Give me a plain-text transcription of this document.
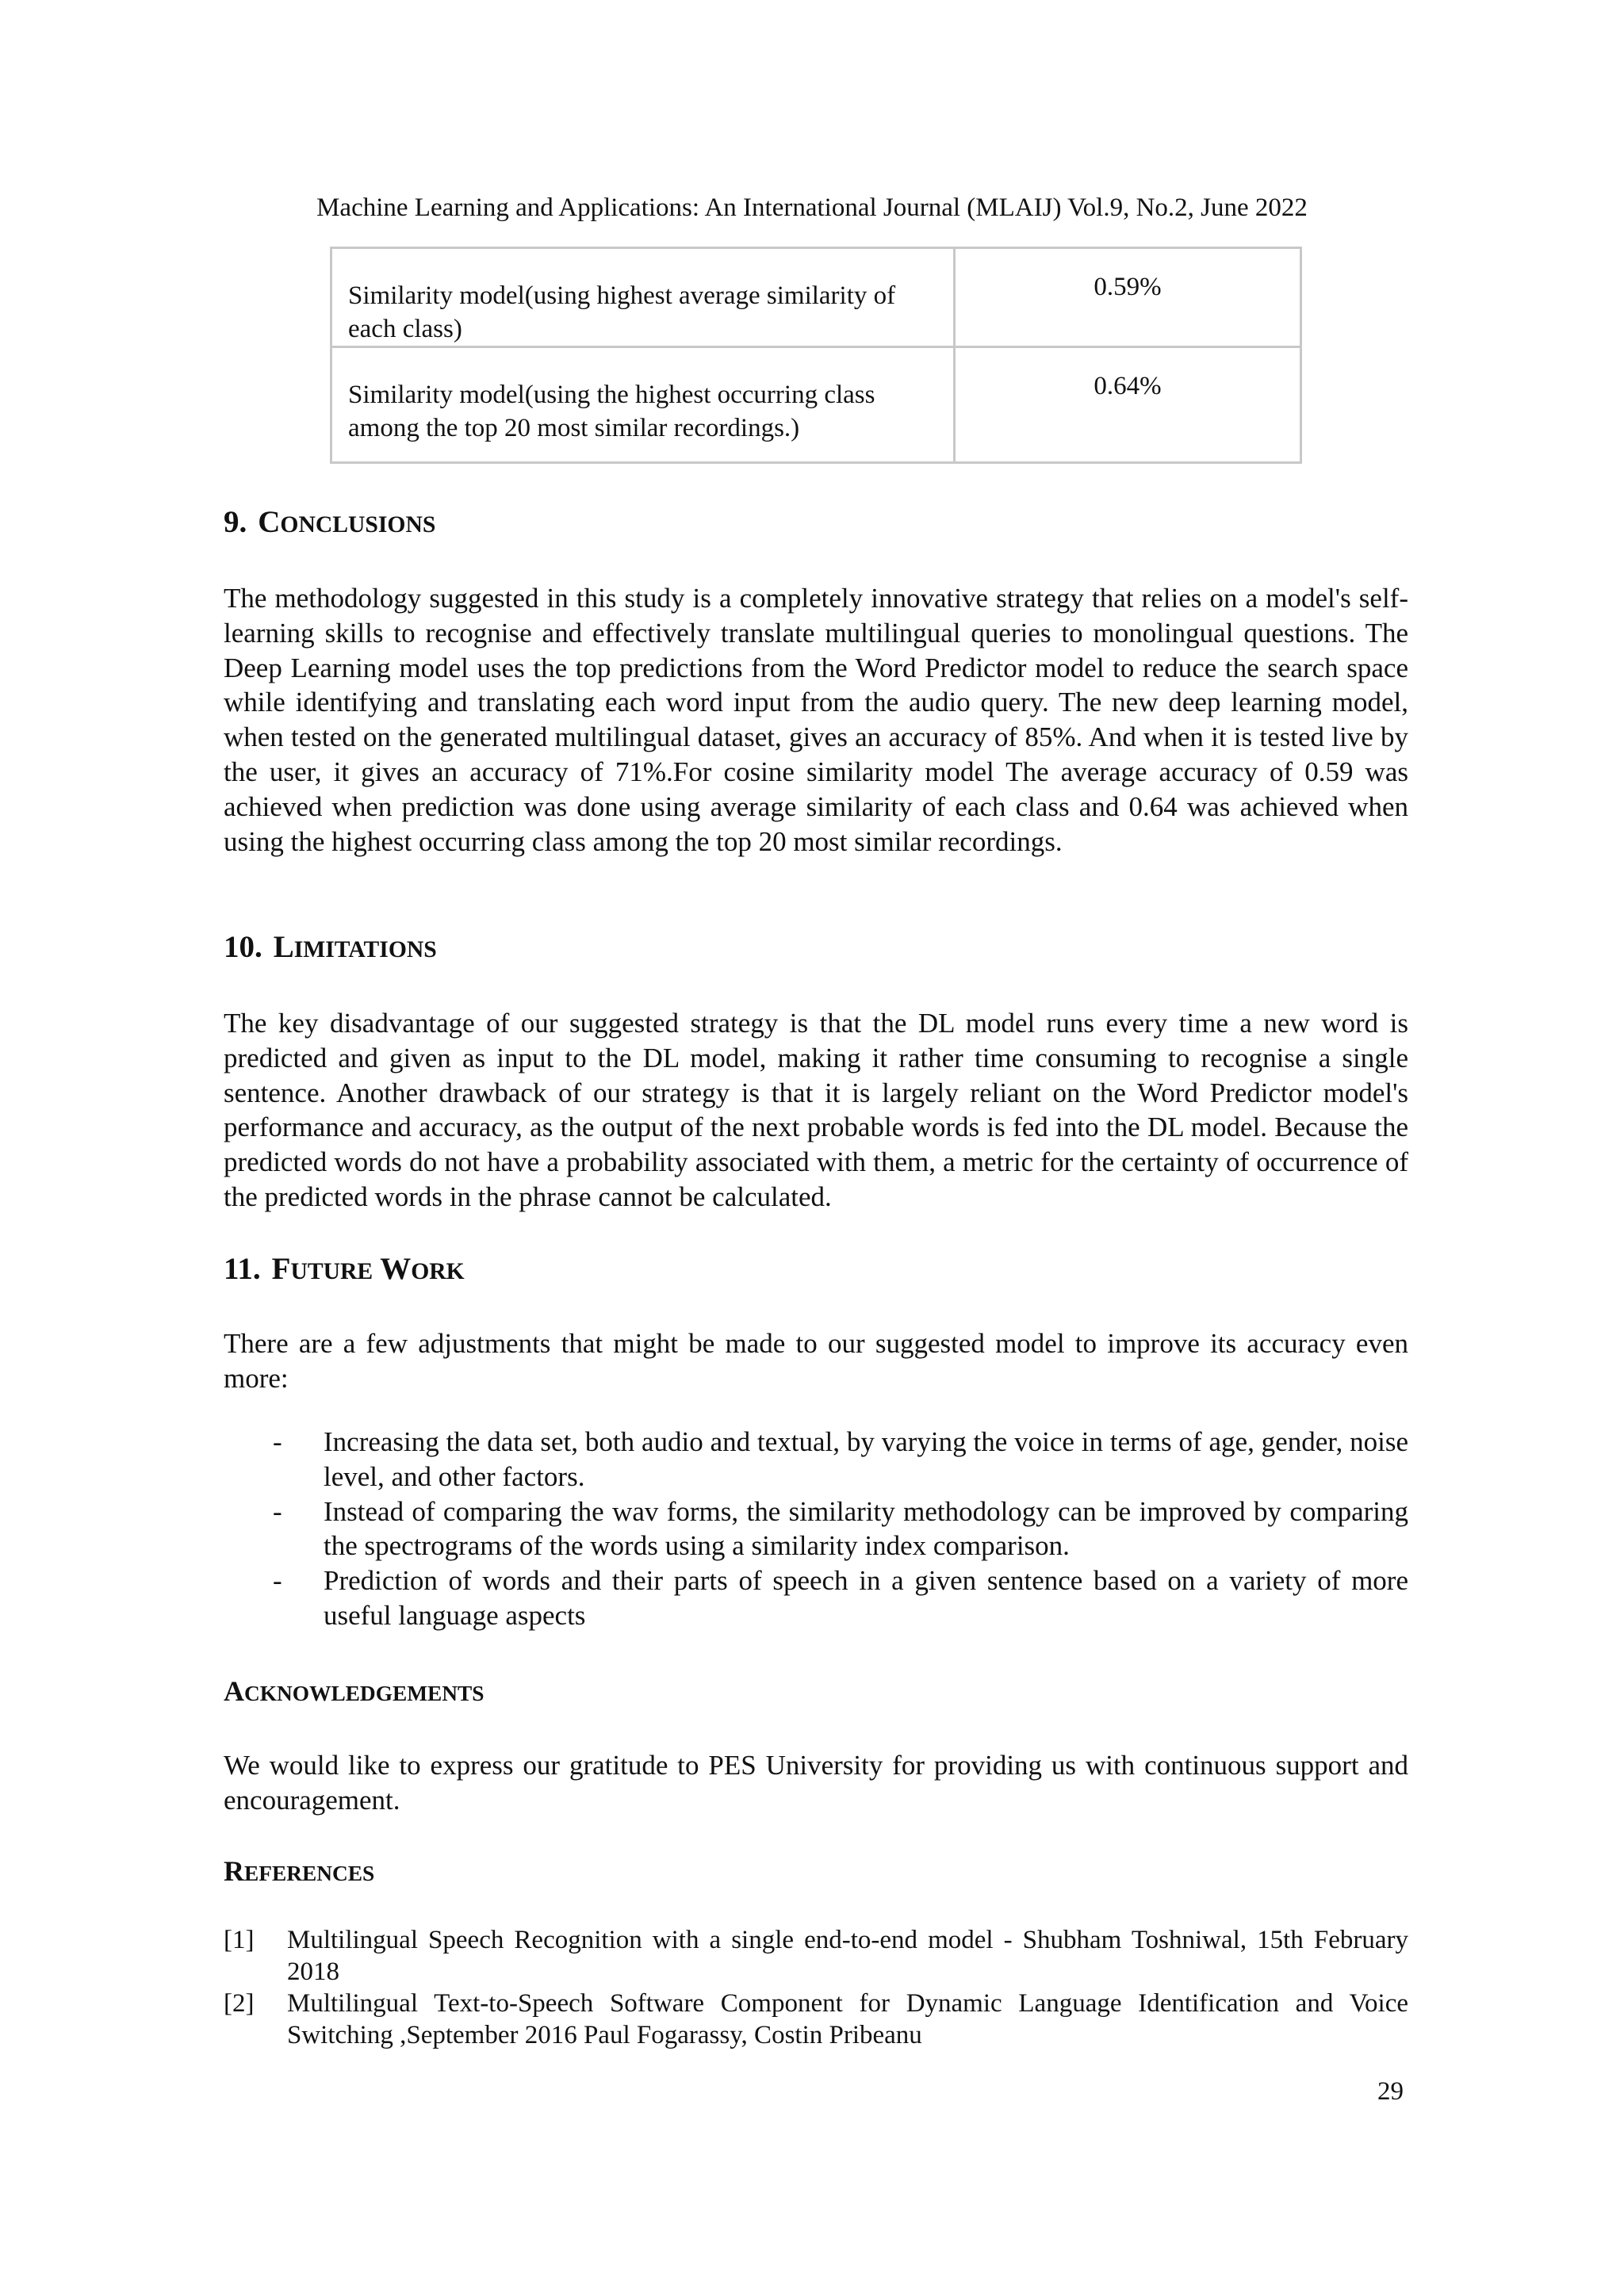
Machine Learning and Applications: An International Journal (MLAIJ) Vol.9, No.2, June 2022
Similarity model(using highest average similarity of each class)	0.59%
Similarity model(using the highest occurring class among the top 20 most similar recordings.)	0.64%
9. CONCLUSIONS
The methodology suggested in this study is a completely innovative strategy that relies on a model's self-learning skills to recognise and effectively translate multilingual queries to monolingual questions. The Deep Learning model uses the top predictions from the Word Predictor model to reduce the search space while identifying and translating each word input from the audio query. The new deep learning model, when tested on the generated multilingual dataset, gives an accuracy of 85%. And when it is tested live by the user, it gives an accuracy of 71%.For cosine similarity model The average accuracy of 0.59 was achieved when prediction was done using average similarity of each class and 0.64 was achieved when using the highest occurring class among the top 20 most similar recordings.
10. LIMITATIONS
The key disadvantage of our suggested strategy is that the DL model runs every time a new word is predicted and given as input to the DL model, making it rather time consuming to recognise a single sentence. Another drawback of our strategy is that it is largely reliant on the Word Predictor model's performance and accuracy, as the output of the next probable words is fed into the DL model. Because the predicted words do not have a probability associated with them, a metric for the certainty of occurrence of the predicted words in the phrase cannot be calculated.
11. FUTURE WORK
There are a few adjustments that might be made to our suggested model to improve its accuracy even more:
- Increasing the data set, both audio and textual, by varying the voice in terms of age, gender, noise level, and other factors.
- Instead of comparing the wav forms, the similarity methodology can be improved by comparing the spectrograms of the words using a similarity index comparison.
- Prediction of words and their parts of speech in a given sentence based on a variety of more useful language aspects
ACKNOWLEDGEMENTS
We would like to express our gratitude to PES University for providing us with continuous support and encouragement.
REFERENCES
[1] Multilingual Speech Recognition with a single end-to-end model - Shubham Toshniwal, 15th February 2018
[2] Multilingual Text-to-Speech Software Component for Dynamic Language Identification and Voice Switching ,September 2016 Paul Fogarassy, Costin Pribeanu
29
